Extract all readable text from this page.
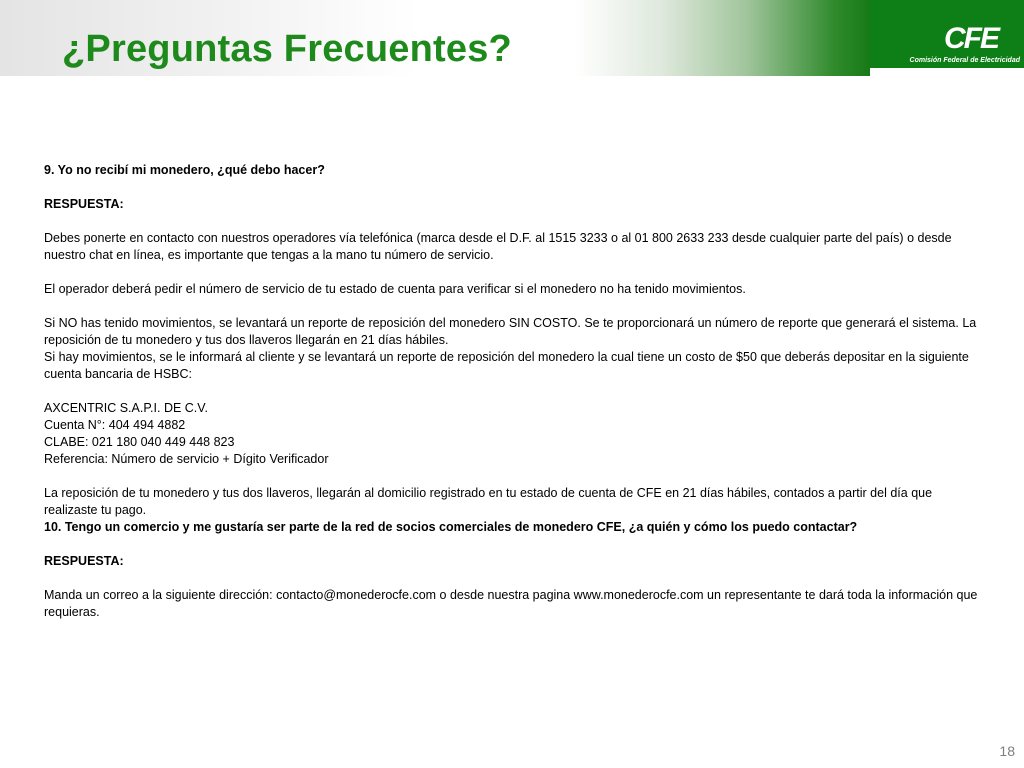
¿Preguntas Frecuentes?	CFE
Comisión Federal de Electricidad

9. Yo no recibí mi monedero, ¿qué debo hacer?

RESPUESTA:

Debes ponerte en contacto con nuestros operadores vía telefónica (marca desde el D.F. al 1515 3233 o al 01 800 2633 233 desde cualquier parte del país) o desde nuestro chat en línea, es importante que tengas a la mano tu número de servicio.

El operador deberá pedir el número de servicio de tu estado de cuenta para verificar si el monedero no ha tenido movimientos.

Si NO has tenido movimientos, se levantará un reporte de reposición del monedero SIN COSTO. Se te proporcionará un número de reporte que generará el sistema. La reposición de tu monedero y tus dos llaveros llegarán en 21 días hábiles.

Si hay movimientos, se le informará al cliente y se levantará un reporte de reposición del monedero la cual tiene un costo de $50 que deberás depositar en la siguiente cuenta bancaria de HSBC:

AXCENTRIC S.A.P.I. DE C.V.

Cuenta N°: 404 494 4882

CLABE: 021 180 040 449 448 823

Referencia: Número de servicio + Dígito Verificador

La reposición de tu monedero y tus dos llaveros, llegarán al domicilio registrado en tu estado de cuenta de CFE en 21 días hábiles, contados a partir del día que realizaste tu pago.

10. Tengo un comercio y me gustaría ser parte de la red de socios comerciales de monedero CFE, ¿a quién y cómo los puedo contactar?

RESPUESTA:

Manda un correo a la siguiente dirección: contacto@monederocfe.com o desde nuestra pagina www.monederocfe.com un representante te dará toda la información que requieras.

18
